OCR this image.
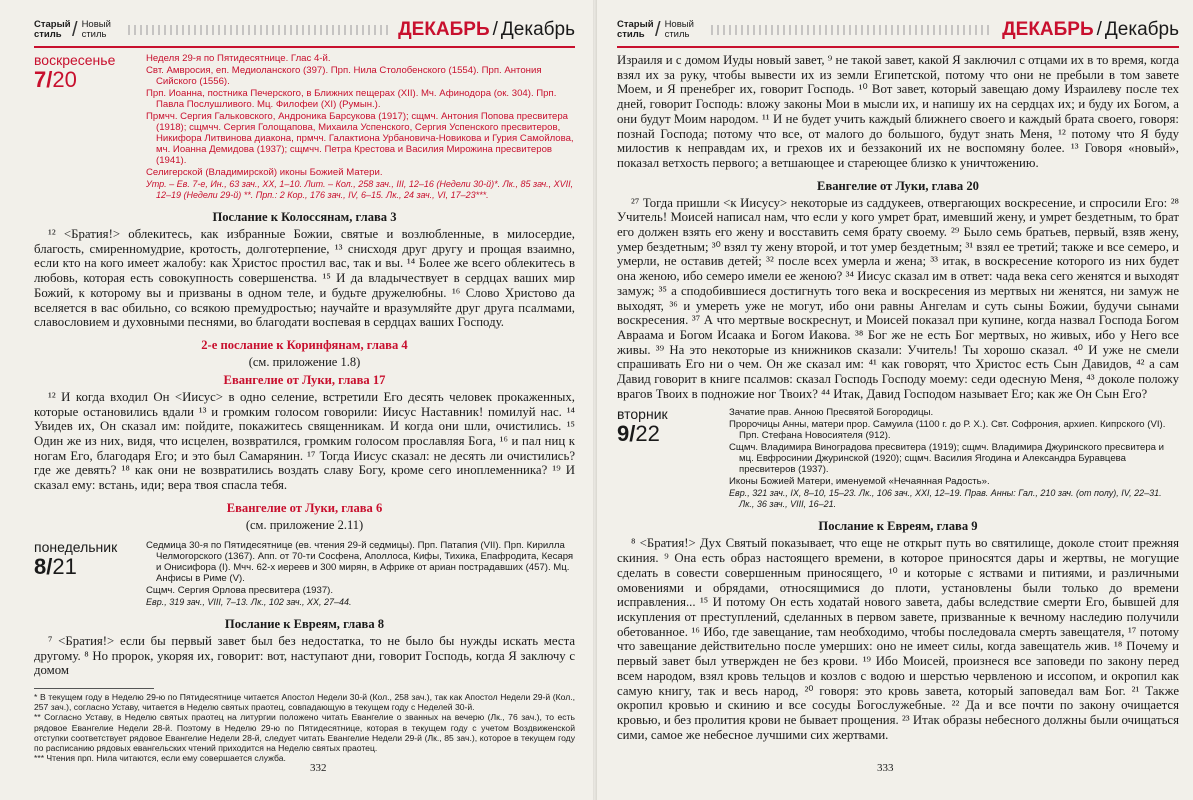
Старый стиль / Новый стиль	ДЕКАБРЬ / Декабрь
воскресенье
7/20

Неделя 29-я по Пятидесятнице. Глас 4-й.

Свт. Амвросия, еп. Медиоланского (397). Прп. Нила Столобенского (1554). Прп. Антония Сийского (1556).

Прп. Иоанна, постника Печерского, в Ближних пещерах (XII). Мч. Афинодора (ок. 304). Прп. Павла Послушливого. Мц. Филофеи (XI) (Румын.).

Прмчч. Сергия Гальковского, Андроника Барсукова (1917); сщмч. Антония Попова пресвитера (1918); сщмчч. Сергия Голощапова, Михаила Успенского, Сергия Успенского пресвитеров, Никифора Литвинова диакона, прмчч. Галактиона Урбановича-Новикова и Гурия Самойлова, мч. Иоанна Демидова (1937); сщмчч. Петра Крестова и Василия Мирожина пресвитеров (1941).

Селигерской (Владимирской) иконы Божией Матери.

Утр. – Ев. 7-е, Ин., 63 зач., XX, 1–10. Лит. – Кол., 258 зач., III, 12–16 (Недели 30-й)*. Лк., 85 зач., XVII, 12–19 (Недели 29-й) **. Прп.: 2 Кор., 176 зач., IV, 6–15. Лк., 24 зач., VI, 17–23***.

Послание к Колоссянам, глава 3

¹² <Братия!> облекитесь, как избранные Божии, святые и возлюбленные, в милосердие, благость, смиренномудрие, кротость, долготерпение, ¹³ снисходя друг другу и прощая взаимно, если кто на кого имеет жалобу: как Христос простил вас, так и вы. ¹⁴ Более же всего облекитесь в любовь, которая есть совокупность совершенства. ¹⁵ И да владычествует в сердцах ваших мир Божий, к которому вы и призваны в одном теле, и будьте дружелюбны. ¹⁶ Слово Христово да вселяется в вас обильно, со всякою премудростью; научайте и вразумляйте друг друга псалмами, славословием и духовными песнями, во благодати воспевая в сердцах ваших Господу.

2-е послание к Коринфянам, глава 4
(см. приложение 1.8)
Евангелие от Луки, глава 17

¹² И когда входил Он <Иисус> в одно селение, встретили Его десять человек прокаженных, которые остановились вдали ¹³ и громким голосом говорили: Иисус Наставник! помилуй нас. ¹⁴ Увидев их, Он сказал им: пойдите, покажитесь священникам. И когда они шли, очистились. ¹⁵ Один же из них, видя, что исцелен, возвратился, громким голосом прославляя Бога, ¹⁶ и пал ниц к ногам Его, благодаря Его; и это был Самарянин. ¹⁷ Тогда Иисус сказал: не десять ли очистились? где же девять? ¹⁸ как они не возвратились воздать славу Богу, кроме сего иноплеменника? ¹⁹ И сказал ему: встань, иди; вера твоя спасла тебя.

Евангелие от Луки, глава 6
(см. приложение 2.11)
понедельник
8/21

Седмица 30-я по Пятидесятнице (ев. чтения 29-й седмицы). Прп. Патапия (VII). Прп. Кирилла Челмогорского (1367). Апп. от 70-ти Сосфена, Аполлоса, Кифы, Тихика, Епафродита, Кесаря и Онисифора (I). Мчч. 62-х иереев и 300 мирян, в Африке от ариан пострадавших (457). Мц. Анфисы в Риме (V).

Сщмч. Сергия Орлова пресвитера (1937).

Евр., 319 зач., VIII, 7–13. Лк., 102 зач., XX, 27–44.

Послание к Евреям, глава 8

⁷ <Братия!> если бы первый завет был без недостатка, то не было бы нужды искать места другому. ⁸ Но пророк, укоряя их, говорит: вот, наступают дни, говорит Господь, когда Я заключу с домом

* В текущем году в Неделю 29-ю по Пятидесятнице читается Апостол Недели 30-й (Кол., 258 зач.), так как Апостол Недели 29-й (Кол., 257 зач.), согласно Уставу, читается в Неделю святых праотец, совпадающую в текущем году с Неделей 30-й.

** Согласно Уставу, в Неделю святых праотец на литургии положено читать Евангелие о званных на вечерю (Лк., 76 зач.), то есть рядовое Евангелие Недели 28-й. Поэтому в Неделю 29-ю по Пятидесятнице, которая в текущем году с учетом Воздвиженской отступки соответствует рядовое Евангелие Недели 28-й, следует читать Евангелие Недели 29-й (Лк., 85 зач.), которое в текущем году по расписанию рядовых евангельских чтений приходится на Неделю святых праотец.

*** Чтения прп. Нила читаются, если ему совершается служба.

332
Старый стиль / Новый стиль	ДЕКАБРЬ / Декабрь

Израиля и с домом Иуды новый завет, ⁹ не такой завет, какой Я заключил с отцами их в то время, когда взял их за руку, чтобы вывести их из земли Египетской, потому что они не пребыли в том завете Моем, и Я пренебрег их, говорит Господь. ¹⁰ Вот завет, который завещаю дому Израилеву после тех дней, говорит Господь: вложу законы Мои в мысли их, и напишу их на сердцах их; и буду их Богом, а они будут Моим народом. ¹¹ И не будет учить каждый ближнего своего и каждый брата своего, говоря: познай Господа; потому что все, от малого до большого, будут знать Меня, ¹² потому что Я буду милостив к неправдам их, и грехов их и беззаконий их не воспомяну более. ¹³ Говоря «новый», показал ветхость первого; а ветшающее и стареющее близко к уничтожению.

Евангелие от Луки, глава 20

²⁷ Тогда пришли <к Иисусу> некоторые из саддукеев, отвергающих воскресение, и спросили Его: ²⁸ Учитель! Моисей написал нам, что если у кого умрет брат, имевший жену, и умрет бездетным, то брат его должен взять его жену и восставить семя брату своему. ²⁹ Было семь братьев, первый, взяв жену, умер бездетным; ³⁰ взял ту жену второй, и тот умер бездетным; ³¹ взял ее третий; также и все семеро, и умерли, не оставив детей; ³² после всех умерла и жена; ³³ итак, в воскресение которого из них будет она женою, ибо семеро имели ее женою? ³⁴ Иисус сказал им в ответ: чада века сего женятся и выходят замуж; ³⁵ а сподобившиеся достигнуть того века и воскресения из мертвых ни женятся, ни замуж не выходят, ³⁶ и умереть уже не могут, ибо они равны Ангелам и суть сыны Божии, будучи сынами воскресения. ³⁷ А что мертвые воскреснут, и Моисей показал при купине, когда назвал Господа Богом Авраама и Богом Исаака и Богом Иакова. ³⁸ Бог же не есть Бог мертвых, но живых, ибо у Него все живы. ³⁹ На это некоторые из книжников сказали: Учитель! Ты хорошо сказал. ⁴⁰ И уже не смели спрашивать Его ни о чем. Он же сказал им: ⁴¹ как говорят, что Христос есть Сын Давидов, ⁴² а сам Давид говорит в книге псалмов: сказал Господь Господу моему: седи одесную Меня, ⁴³ доколе положу врагов Твоих в подножие ног Твоих? ⁴⁴ Итак, Давид Господом называет Его; как же Он Сын Его?

вторник
9/22

Зачатие прав. Анною Пресвятой Богородицы.

Пророчицы Анны, матери прор. Самуила (1100 г. до Р. Х.). Свт. Софрония, архиеп. Кипрского (VI). Прп. Стефана Новосиятеля (912).

Сщмч. Владимира Виноградова пресвитера (1919); сщмч. Владимира Джуринского пресвитера и мц. Евфросинии Джуринской (1920); сщмч. Василия Ягодина и Александра Буравцева пресвитеров (1937).

Иконы Божией Матери, именуемой «Нечаянная Радость».

Евр., 321 зач., IX, 8–10, 15–23. Лк., 106 зач., XXI, 12–19. Прав. Анны: Гал., 210 зач. (от полу), IV, 22–31. Лк., 36 зач., VIII, 16–21.

Послание к Евреям, глава 9

⁸ <Братия!> Дух Святый показывает, что еще не открыт путь во святилище, доколе стоит прежняя скиния. ⁹ Она есть образ настоящего времени, в которое приносятся дары и жертвы, не могущие сделать в совести совершенным приносящего, ¹⁰ и которые с яствами и питиями, и различными омовениями и обрядами, относящимися до плоти, установлены были только до времени исправления... ¹⁵ И потому Он есть ходатай нового завета, дабы вследствие смерти Его, бывшей для искупления от преступлений, сделанных в первом завете, призванные к вечному наследию получили обетованное. ¹⁶ Ибо, где завещание, там необходимо, чтобы последовала смерть завещателя, ¹⁷ потому что завещание действительно после умерших: оно не имеет силы, когда завещатель жив. ¹⁸ Почему и первый завет был утвержден не без крови. ¹⁹ Ибо Моисей, произнеся все заповеди по закону перед всем народом, взял кровь тельцов и козлов с водою и шерстью червленою и иссопом, и окропил как самую книгу, так и весь народ, ²⁰ говоря: это кровь завета, который заповедал вам Бог. ²¹ Также окропил кровью и скинию и все сосуды Богослужебные. ²² Да и все почти по закону очищается кровью, и без пролития крови не бывает прощения. ²³ Итак образы небесного должны были очищаться сими, самое же небесное лучшими сих жертвами.

333
